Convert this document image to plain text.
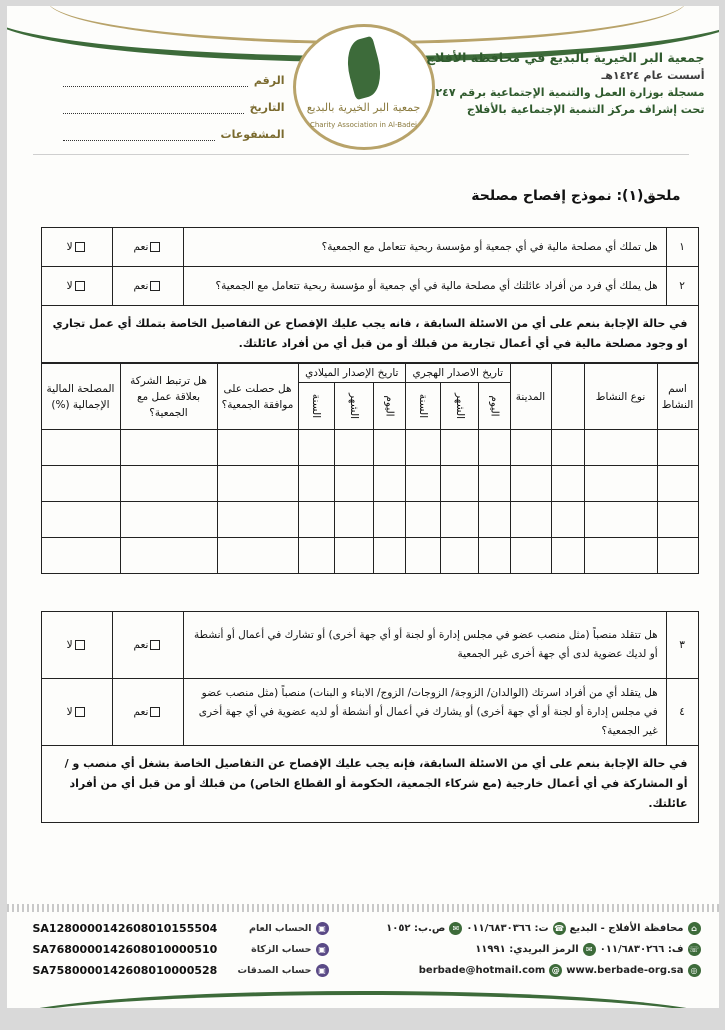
جمعية البر الخيرية بالبديع
Charity Association in Al-Badei
جمعية البر الخيرية بالبديع في محافظة الأفلاج
أسست عام ١٤٢٤هـ
مسجلة بوزارة العمل والتنمية الإجتماعية برقم ٢٤٧
تحت إشراف مركز التنمية الإجتماعية بالأفلاج
الرقم
التاريخ
المشفوعات
ملحق(١): نموذج إفصاح مصلحة
١	هل تملك أي مصلحة مالية في أي جمعية أو مؤسسة ربحية تتعامل مع الجمعية؟	نعم	لا
٢	هل يملك أي فرد من أفراد عائلتك أي مصلحة مالية في أي جمعية أو مؤسسة ربحية تتعامل مع الجمعية؟	نعم	لا
في حالة الإجابة بنعم على أي من الاسئلة السابقة ، فانه يجب عليك الإفصاح عن التفاصيل الخاصة بتملك أي عمل تجاري او وجود مصلحة مالية في أي أعمال تجارية من قبلك أو من قبل أي من أفراد عائلتك.			
اسم النشاط	نوع النشاط		المدينة	تاريخ الاصدار الهجري			تاريخ الإصدار الميلادي			هل حصلت على موافقة الجمعية؟	هل ترتبط الشركة بعلاقة عمل مع الجمعية؟	المصلحة المالية الإجمالية (%)
				اليوم	الشهر	السنة	اليوم	الشهر	السنة			

٣	هل تتقلد منصباً (مثل منصب عضو في مجلس إدارة أو لجنة أو أي جهة أخرى) أو تشارك في أعمال أو أنشطة أو لديك عضوية لدى أي جهة أخرى غير الجمعية	نعم	لا
٤	هل يتقلد أي من أفراد اسرتك (الوالدان/ الزوجة/ الزوجات/ الزوج/ الابناء و البنات) منصباً (مثل منصب عضو في مجلس إدارة أو لجنة أو أي جهة أخرى) أو يشارك في أعمال أو أنشطة أو لديه عضوية في أي جهة أخرى غير الجمعية؟	نعم	لا
في حالة الإجابة بنعم على أي من الاسئلة السابقة، فإنه يجب عليك الإفصاح عن التفاصيل الخاصة بشغل أي منصب و / أو المشاركة في أي أعمال خارجية (مع شركاء الجمعية، الحكومة أو القطاع الخاص) من قبلك أو من قبل أي من أفراد عائلتك.			
⌂
محافظة الأفلاج - البديع
☎
ت: ٠١١/٦٨٣٠٣٦٦
✉
ص.ب: ١٠٥٢
☏
ف: ٠١١/٦٨٣٠٢٦٦
✉
الرمز البريدي: ١١٩٩١
◎
www.berbade-org.sa
@
berbade@hotmail.com
SA1280000142608010155504	▣الحساب العام
SA7680000142608010000510	▣حساب الزكاة
SA7580000142608010000528	▣حساب الصدقات
